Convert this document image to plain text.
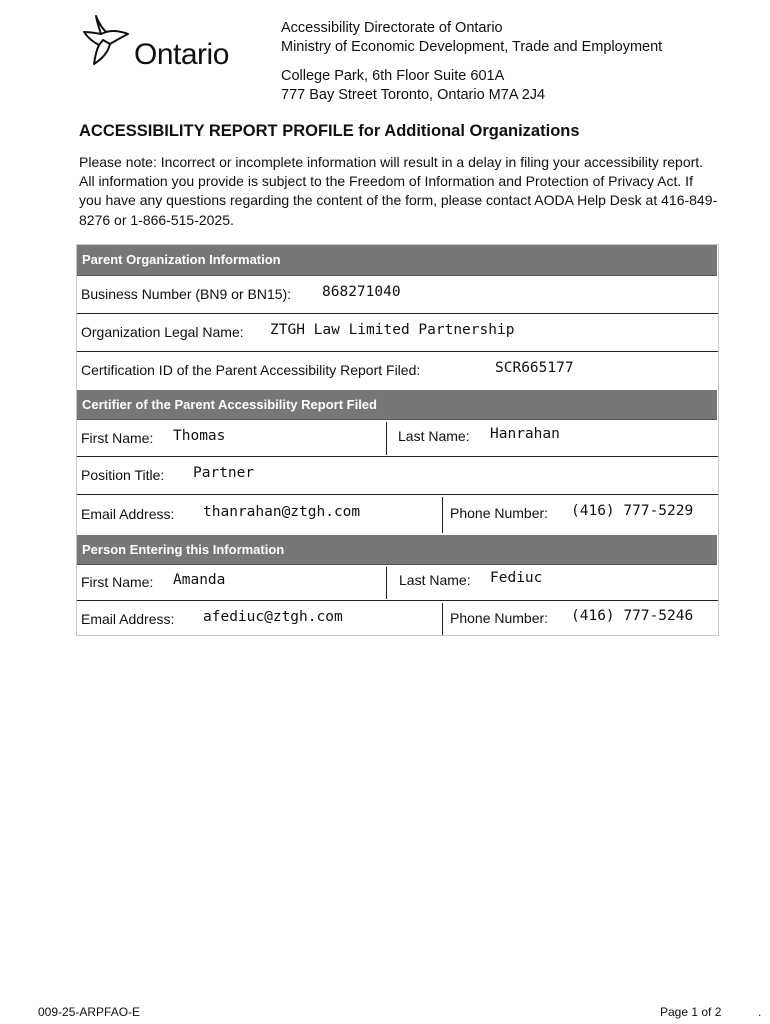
Ontario
Accessibility Directorate of Ontario
Ministry of Economic Development, Trade and Employment
College Park, 6th Floor Suite 601A
777 Bay Street Toronto, Ontario M7A 2J4
ACCESSIBILITY REPORT PROFILE for Additional Organizations
Please note: Incorrect or incomplete information will result in a delay in filing your accessibility report. All information you provide is subject to the Freedom of Information and Protection of Privacy Act. If you have any questions regarding the content of the form, please contact AODA Help Desk at 416-849-8276 or 1-866-515-2025.
Parent Organization Information
Business Number (BN9 or BN15): 868271040
Organization Legal Name: ZTGH Law Limited Partnership
Certification ID of the Parent Accessibility Report Filed:	SCR665177
Certifier of the Parent Accessibility Report Filed
First Name: Thomas	Last Name: Hanrahan
Position Title: Partner
Email Address: thanrahan@ztgh.com	Phone Number: (416) 777-5229
Person Entering this Information
First Name: Amanda	Last Name: Fediuc
Email Address: afediuc@ztgh.com	Phone Number: (416) 777-5246
009-25-ARPFAO-E	Page 1 of 2	.
